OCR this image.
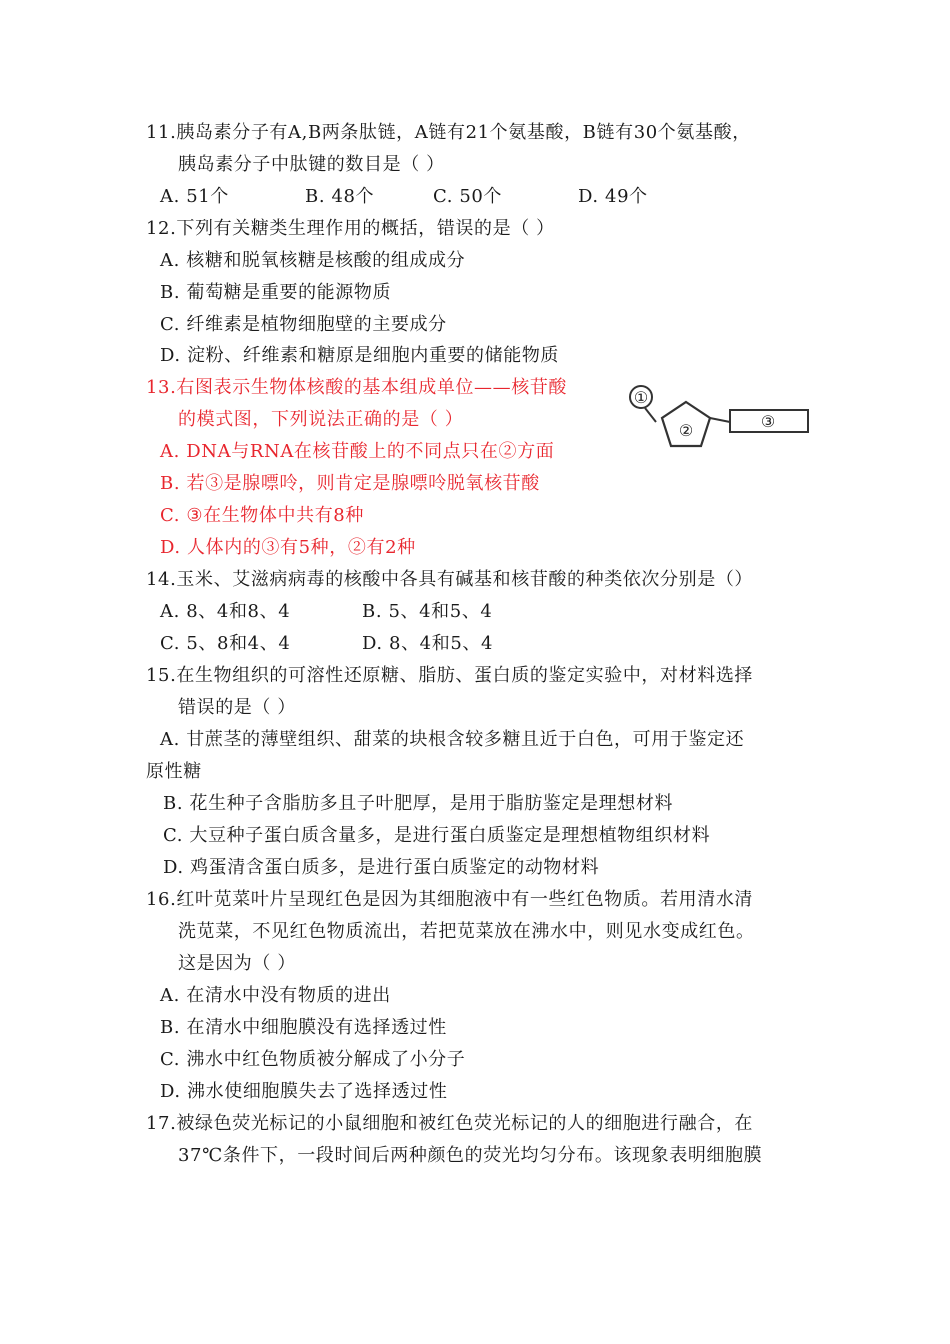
11.胰岛素分子有A,B两条肽链，A链有21个氨基酸，B链有30个氨基酸，
胰岛素分子中肽键的数目是（ ）
A. 51个	B. 48个	C. 50个	D. 49个
12.下列有关糖类生理作用的概括，错误的是（ ）
A. 核糖和脱氧核糖是核酸的组成成分
B. 葡萄糖是重要的能源物质
C. 纤维素是植物细胞壁的主要成分
D. 淀粉、纤维素和糖原是细胞内重要的储能物质
13.右图表示生物体核酸的基本组成单位——核苷酸
的模式图，下列说法正确的是（ ）
A. DNA与RNA在核苷酸上的不同点只在②方面
B. 若③是腺嘌呤，则肯定是腺嘌呤脱氧核苷酸
C. ③在生物体中共有8种
D. 人体内的③有5种，②有2种
①
②	③
14.玉米、艾滋病病毒的核酸中各具有碱基和核苷酸的种类依次分别是（）
A. 8、4和8、4	B. 5、4和5、4
C. 5、8和4、4	D. 8、4和5、4
15.在生物组织的可溶性还原糖、脂肪、蛋白质的鉴定实验中，对材料选择
错误的是（ ）
A. 甘蔗茎的薄壁组织、甜菜的块根含较多糖且近于白色，可用于鉴定还
原性糖
B. 花生种子含脂肪多且子叶肥厚，是用于脂肪鉴定是理想材料
C. 大豆种子蛋白质含量多，是进行蛋白质鉴定是理想植物组织材料
D. 鸡蛋清含蛋白质多，是进行蛋白质鉴定的动物材料
16.红叶苋菜叶片呈现红色是因为其细胞液中有一些红色物质。若用清水清
洗苋菜，不见红色物质流出，若把苋菜放在沸水中，则见水变成红色。
这是因为（ ）
A. 在清水中没有物质的进出
B. 在清水中细胞膜没有选择透过性
C. 沸水中红色物质被分解成了小分子
D. 沸水使细胞膜失去了选择透过性
17.被绿色荧光标记的小鼠细胞和被红色荧光标记的人的细胞进行融合，在
37℃条件下，一段时间后两种颜色的荧光均匀分布。该现象表明细胞膜
